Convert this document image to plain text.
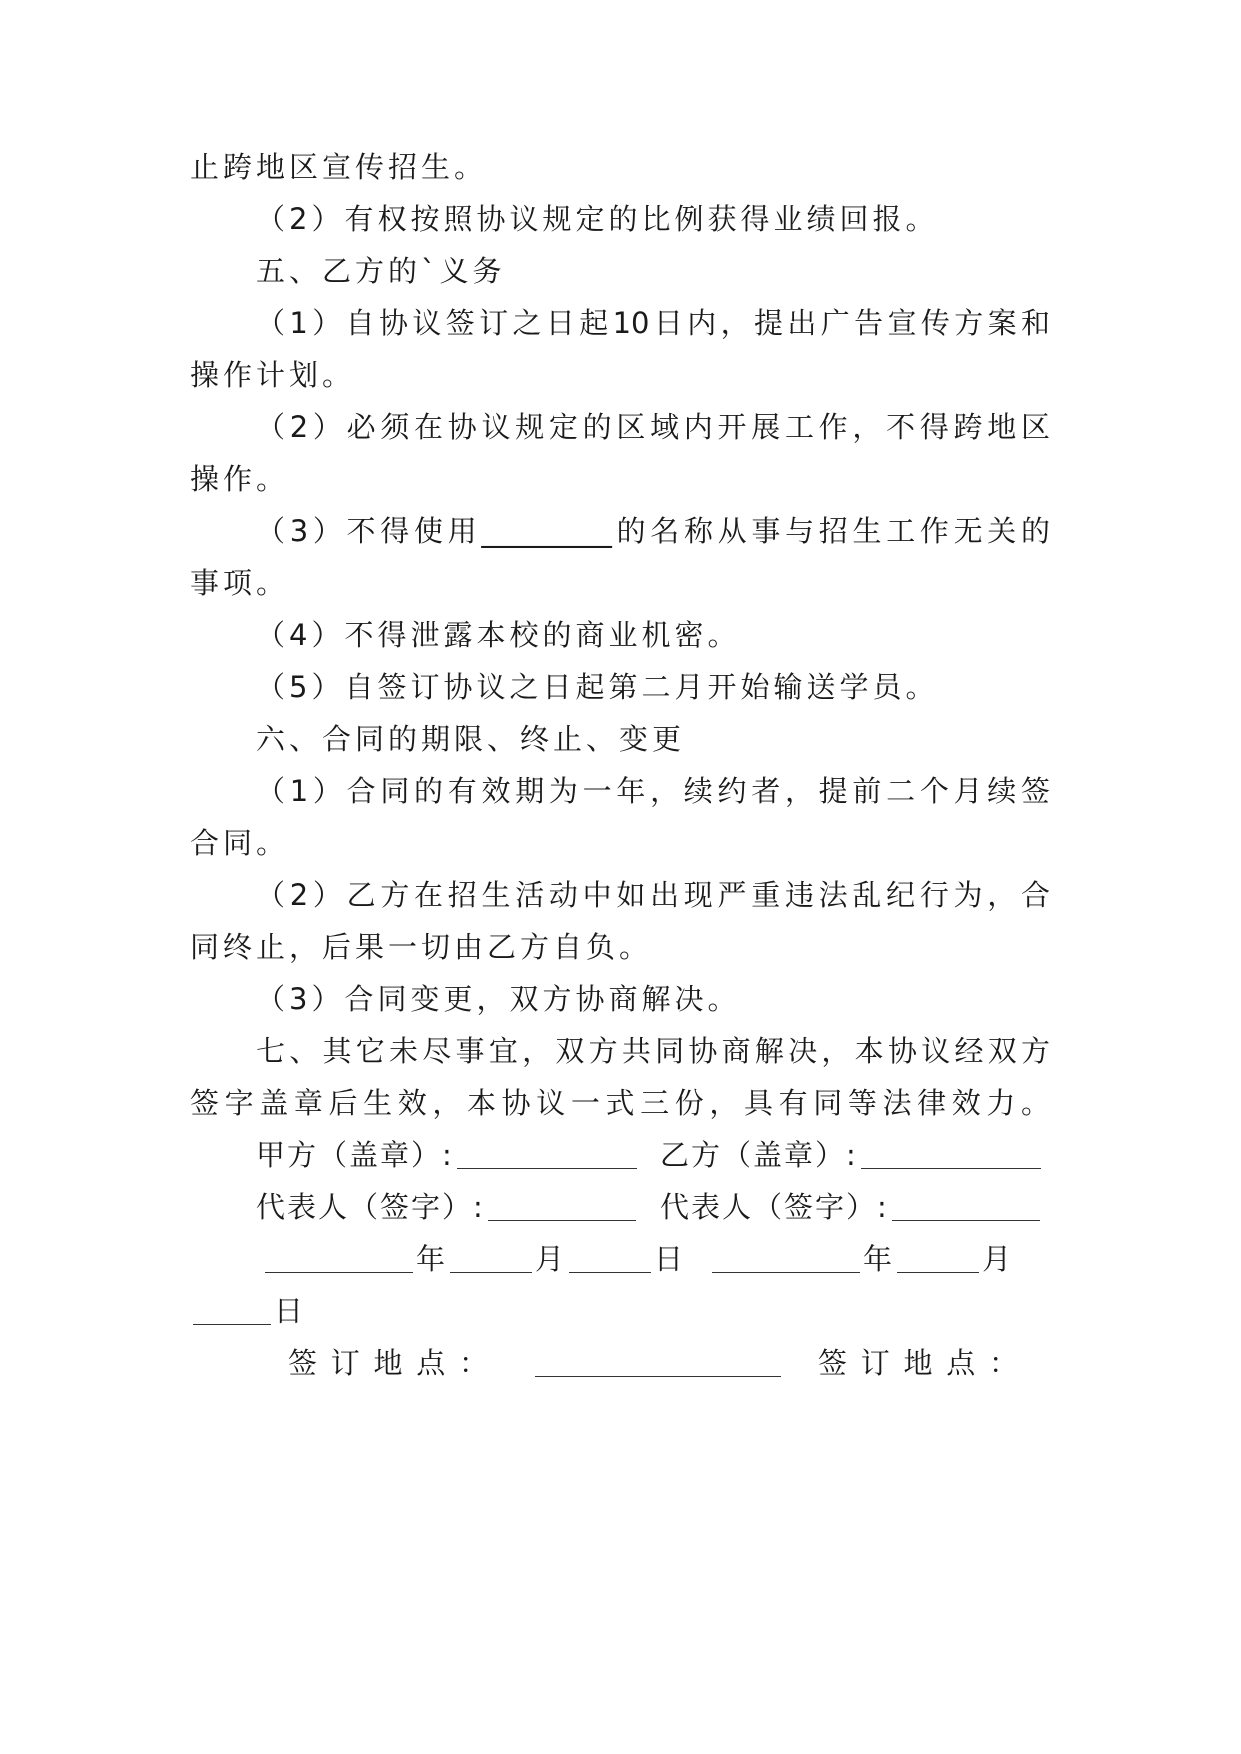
止跨地区宣传招生。
（2）有权按照协议规定的比例获得业绩回报。
五、乙方的`义务
（1）自协议签订之日起10日内，提出广告宣传方案和
操作计划。
（2）必须在协议规定的区域内开展工作，不得跨地区
操作。
（3）不得使用_________的名称从事与招生工作无关的
事项。
（4）不得泄露本校的商业机密。
（5）自签订协议之日起第二月开始输送学员。
六、合同的期限、终止、变更
（1）合同的有效期为一年，续约者，提前二个月续签
合同。
（2）乙方在招生活动中如出现严重违法乱纪行为，合
同终止，后果一切由乙方自负。
（3）合同变更，双方协商解决。
七、其它未尽事宜，双方共同协商解决，本协议经双方
签字盖章后生效，本协议一式三份，具有同等法律效力。
甲方（盖章）:	乙方（盖章）:
代表人（签字）:	代表人（签字）:
年	月	日	年	月
日
签 订 地 点 ：	签 订 地 点 ：
